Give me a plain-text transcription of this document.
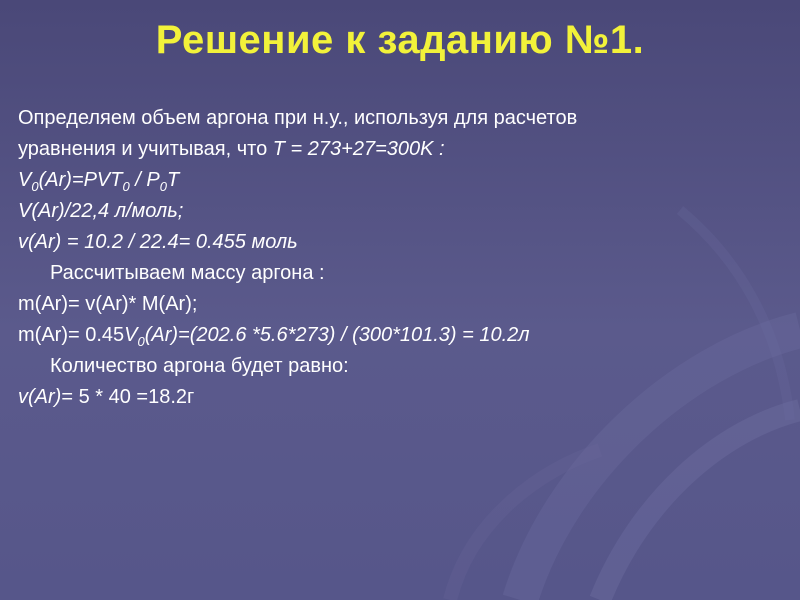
Решение к заданию №1.
Определяем объем аргона при н.у., используя для расчетов
уравнения и учитывая, что T = 273+27=300K :
$V_0(Ar)=PVT_0 / P_0T$
V(Ar)/22,4 л/моль;
v(Ar) = 10.2 / 22.4= 0.455 моль
Рассчитываем массу аргона :
m(Ar)= v(Ar)* M(Ar);
$m(Ar)= 0.45V_0(Ar)=(202.6$ *5.6*273) / (300*101.3) = 10.2л
Количество аргона будет равно:
v(Ar)= 5 * 40 =18.2г
